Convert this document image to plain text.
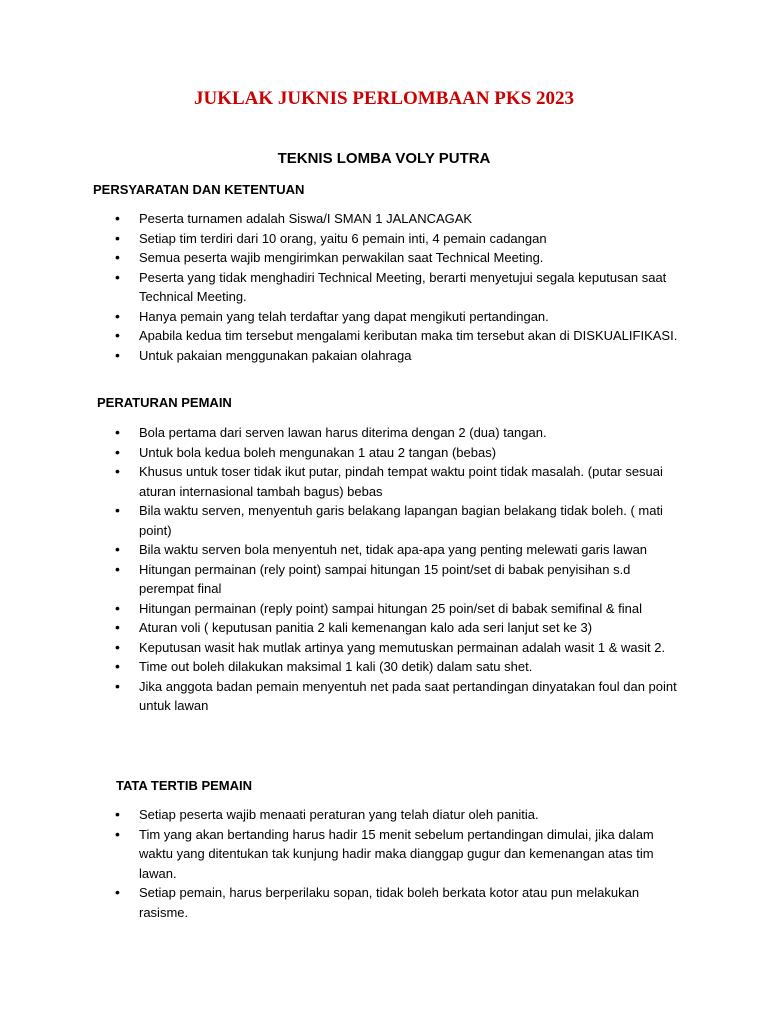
JUKLAK JUKNIS PERLOMBAAN PKS 2023
TEKNIS LOMBA VOLY PUTRA
PERSYARATAN DAN KETENTUAN
• Peserta turnamen adalah Siswa/I SMAN 1 JALANCAGAK
• Setiap tim terdiri dari 10 orang, yaitu 6 pemain inti, 4 pemain cadangan
• Semua peserta wajib mengirimkan perwakilan saat Technical Meeting.
• Peserta yang tidak menghadiri Technical Meeting, berarti menyetujui segala keputusan saat Technical Meeting.
• Hanya pemain yang telah terdaftar yang dapat mengikuti pertandingan.
• Apabila kedua tim tersebut mengalami keributan maka tim tersebut akan di DISKUALIFIKASI.
• Untuk pakaian menggunakan pakaian olahraga
PERATURAN PEMAIN
• Bola pertama dari serven lawan harus diterima dengan 2 (dua) tangan.
• Untuk bola kedua boleh mengunakan 1 atau 2 tangan (bebas)
• Khusus untuk toser tidak ikut putar, pindah tempat waktu point tidak masalah. (putar sesuai aturan internasional tambah bagus) bebas
• Bila waktu serven, menyentuh garis belakang lapangan bagian belakang tidak boleh. ( mati point)
• Bila waktu serven bola menyentuh net, tidak apa-apa yang penting melewati garis lawan
• Hitungan permainan (rely point) sampai hitungan 15 point/set di babak penyisihan s.d perempat final
• Hitungan permainan (reply point) sampai hitungan 25 poin/set di babak semifinal & final
• Aturan voli ( keputusan panitia 2 kali kemenangan kalo ada seri lanjut set ke 3)
• Keputusan wasit hak mutlak artinya yang memutuskan permainan adalah wasit 1 & wasit 2.
• Time out boleh dilakukan maksimal 1 kali (30 detik) dalam satu shet.
• Jika anggota badan pemain menyentuh net pada saat pertandingan dinyatakan foul dan point untuk lawan
TATA TERTIB PEMAIN
• Setiap peserta wajib menaati peraturan yang telah diatur oleh panitia.
• Tim yang akan bertanding harus hadir 15 menit sebelum pertandingan dimulai, jika dalam waktu yang ditentukan tak kunjung hadir maka dianggap gugur dan kemenangan atas tim lawan.
• Setiap pemain, harus berperilaku sopan, tidak boleh berkata kotor atau pun melakukan rasisme.
